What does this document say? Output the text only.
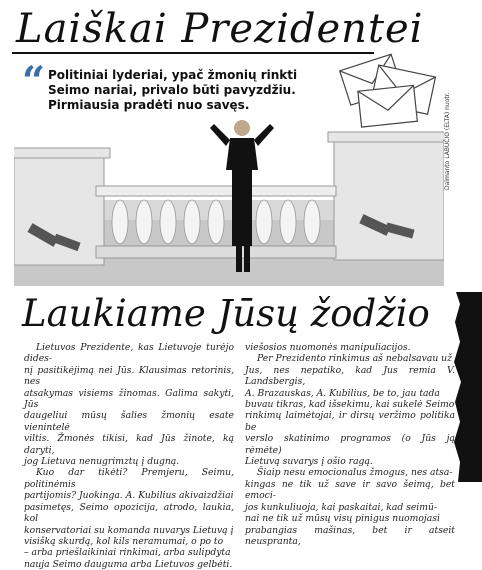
Laiškai Prezidentei
“ Politiniai lyderiai, ypač žmonių rinkti
Seimo nariai, privalo būti pavyzdžiu.
Pirmiausia pradėti nuo savęs.	Dalmanto LABUČIO (ELTA) nuotr.
Laukiame Jūsų žodžio
Lietuvos Prezidente, kas Lietuvoje turėjo dides-
nį pasitikėjimą nei Jūs. Klausimas retorinis, nes
atsakymas visiems žinomas. Galima sakyti, Jūs
daugeliui mūsų šalies žmonių esate vienintelė
viltis. Žmonės tikisi, kad Jūs žinote, ką daryti,
jog Lietuva nenugrimztų į dugną.
Kuo dar tikėti? Premjeru, Seimu, politinėmis
partijomis? Juokinga. A. Kubilius akivaizdžiai
pasimetęs, Seimo opozicija, atrodo, laukia, kol
konservatoriai su komanda nuvarys Lietuvą į
visišką skurdą, kol kils neramumai, o po to
– arba priešlaikiniai rinkimai, arba sulipdyta
nauja Seimo dauguma arba Lietuvos gelbėti.
viešosios nuomonės manipuliacijos.
Per Prezidento rinkimus aš nebalsavau už
Jus, nes nepatiko, kad Jus remia V. Landsbergis,
A. Brazauskas, A. Kubilius, be to, jau tada
buvau tikras, kad išsekimu, kai sukelė Seimo
rinkimų laimėtojai, ir dirsų veržimo politika be
verslo skatinimo programos (o Jūs ją rėmėte)
Lietuvą suvarys į ošio ragą.
Šiaip nesu emocionalus žmogus, nes atsa-
kingas ne tik už save ir savo šeimą, bet emoci-
jos kunkuliuoja, kai paskaitai, kad seimū-
nai ne tik už mūsų visų pinigus nuomojasi
prabangias mašinas, bet ir atseit neuspranta,
